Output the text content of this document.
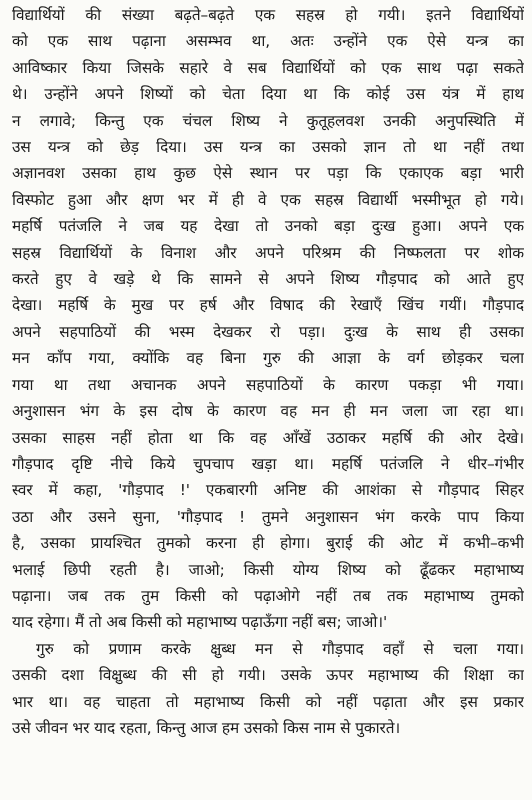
विद्यार्थियों की संख्या बढ़ते–बढ़ते एक सहस्र हो गयी। इतने विद्यार्थियों

को एक साथ पढ़ाना असम्भव था, अतः उन्होंने एक ऐसे यन्त्र का

आविष्कार किया जिसके सहारे वे सब विद्यार्थियों को एक साथ पढ़ा सकते

थे। उन्होंने अपने शिष्यों को चेता दिया था कि कोई उस यंत्र में हाथ

न लगावे; किन्तु एक चंचल शिष्य ने कुतूहलवश उनकी अनुपस्थिति में

उस यन्त्र को छेड़ दिया। उस यन्त्र का उसको ज्ञान तो था नहीं तथा

अज्ञानवश उसका हाथ कुछ ऐसे स्थान पर पड़ा कि एकाएक बड़ा भारी

विस्फोट हुआ और क्षण भर में ही वे एक सहस्र विद्यार्थी भस्मीभूत हो गये।

महर्षि पतंजलि ने जब यह देखा तो उनको बड़ा दुःख हुआ। अपने एक

सहस्र विद्यार्थियों के विनाश और अपने परिश्रम की निष्फलता पर शोक

करते हुए वे खड़े थे कि सामने से अपने शिष्य गौड़पाद को आते हुए

देखा। महर्षि के मुख पर हर्ष और विषाद की रेखाएँ खिंच गयीं। गौड़पाद

अपने सहपाठियों की भस्म देखकर रो पड़ा। दुःख के साथ ही उसका

मन काँप गया, क्योंकि वह बिना गुरु की आज्ञा के वर्ग छोड़कर चला

गया था तथा अचानक अपने सहपाठियों के कारण पकड़ा भी गया।

अनुशासन भंग के इस दोष के कारण वह मन ही मन जला जा रहा था।

उसका साहस नहीं होता था कि वह आँखें उठाकर महर्षि की ओर देखे।

गौड़पाद दृष्टि नीचे किये चुपचाप खड़ा था। महर्षि पतंजलि ने धीर–गंभीर

स्वर में कहा, 'गौड़पाद !' एकबारगी अनिष्ट की आशंका से गौड़पाद सिहर

उठा और उसने सुना, 'गौड़पाद ! तुमने अनुशासन भंग करके पाप किया

है, उसका प्रायश्चित तुमको करना ही होगा। बुराई की ओट में कभी–कभी

भलाई छिपी रहती है। जाओ; किसी योग्य शिष्य को ढूँढकर महाभाष्य

पढ़ाना। जब तक तुम किसी को पढ़ाओगे नहीं तब तक महाभाष्य तुमको

याद रहेगा। मैं तो अब किसी को महाभाष्य पढ़ाऊँगा नहीं बस; जाओ।'

गुरु को प्रणाम करके क्षुब्ध मन से गौड़पाद वहाँ से चला गया।

उसकी दशा विक्षुब्ध की सी हो गयी। उसके ऊपर महाभाष्य की शिक्षा का

भार था। वह चाहता तो महाभाष्य किसी को नहीं पढ़ाता और इस प्रकार

उसे जीवन भर याद रहता, किन्तु आज हम उसको किस नाम से पुकारते।
